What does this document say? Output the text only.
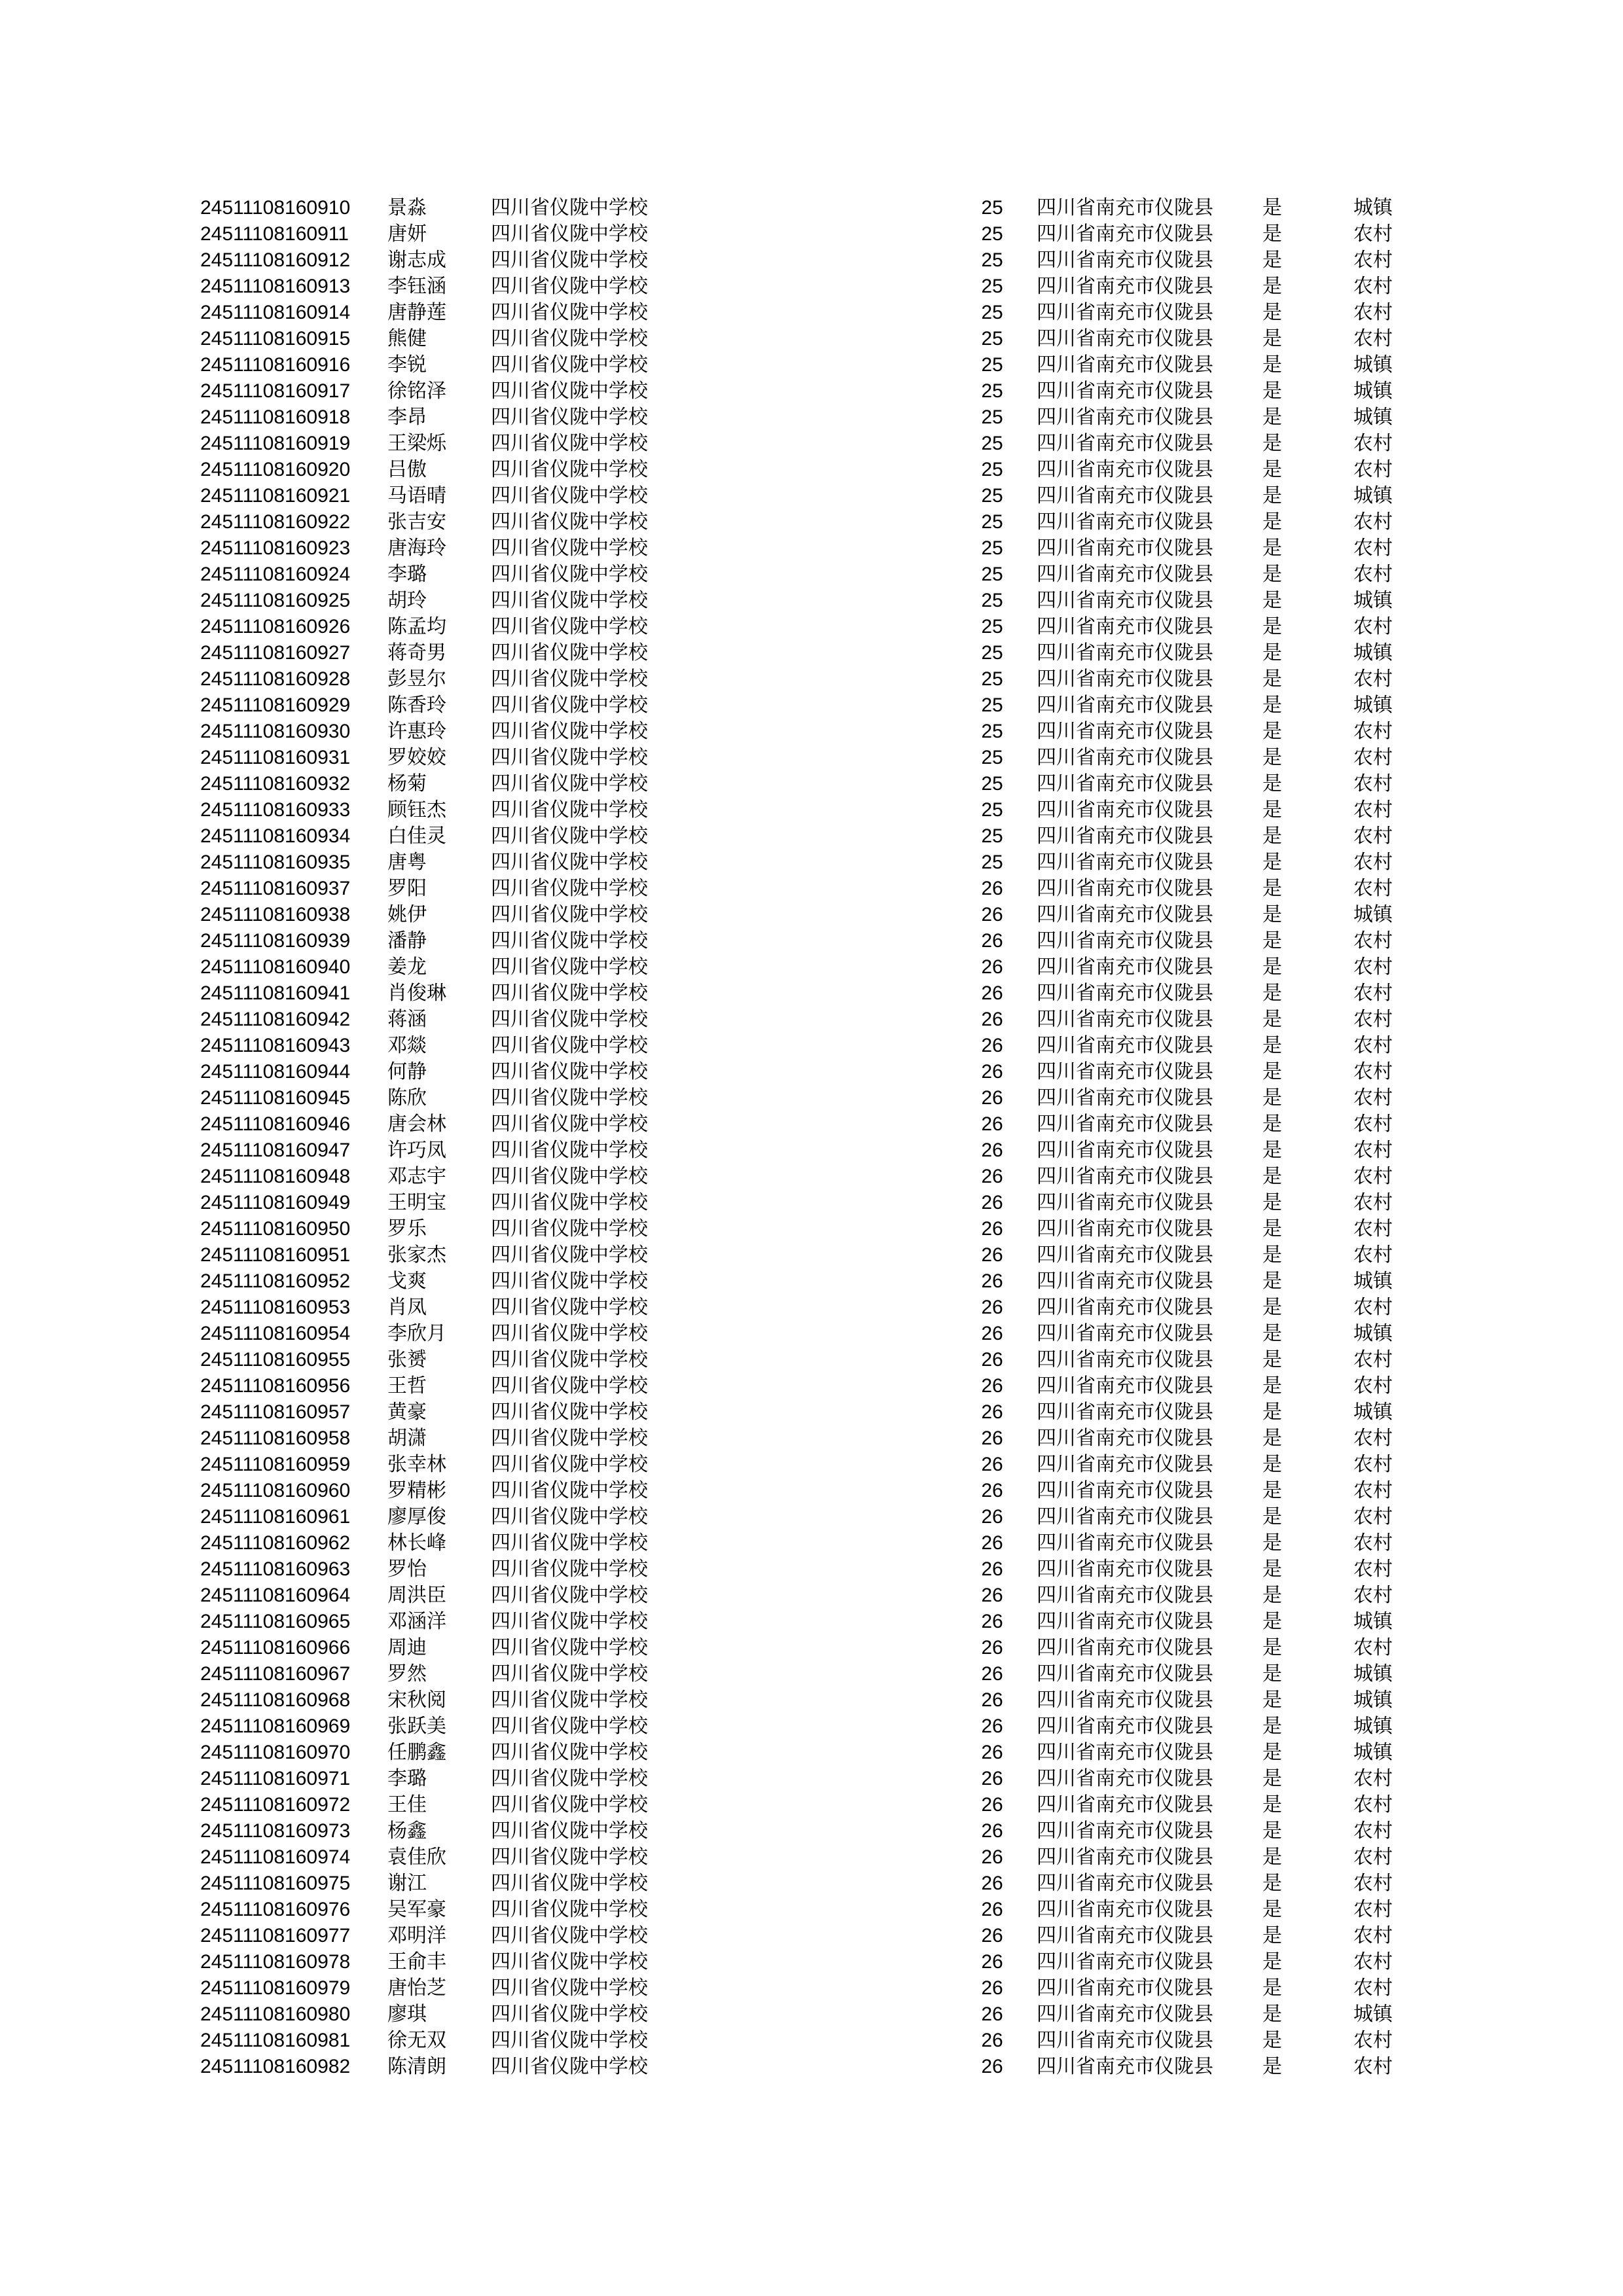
24511108160910 景淼	四川省仪陇中学校	25 四川省南充市仪陇县	是	城镇
24511108160911 唐妍	四川省仪陇中学校	25 四川省南充市仪陇县	是	农村
24511108160912 谢志成 四川省仪陇中学校	25 四川省南充市仪陇县	是	农村
24511108160913 李钰涵 四川省仪陇中学校	25 四川省南充市仪陇县	是	农村
24511108160914 唐静莲 四川省仪陇中学校	25 四川省南充市仪陇县	是	农村
24511108160915 熊健	四川省仪陇中学校	25 四川省南充市仪陇县	是	农村
24511108160916 李锐	四川省仪陇中学校	25 四川省南充市仪陇县	是	城镇
24511108160917 徐铭泽 四川省仪陇中学校	25 四川省南充市仪陇县	是	城镇
24511108160918 李昂	四川省仪陇中学校	25 四川省南充市仪陇县	是	城镇
24511108160919 王梁烁 四川省仪陇中学校	25 四川省南充市仪陇县	是	农村
24511108160920 吕傲	四川省仪陇中学校	25 四川省南充市仪陇县	是	农村
24511108160921 马语晴 四川省仪陇中学校	25 四川省南充市仪陇县	是	城镇
24511108160922 张吉安 四川省仪陇中学校	25 四川省南充市仪陇县	是	农村
24511108160923 唐海玲 四川省仪陇中学校	25 四川省南充市仪陇县	是	农村
24511108160924 李璐	四川省仪陇中学校	25 四川省南充市仪陇县	是	农村
24511108160925 胡玲	四川省仪陇中学校	25 四川省南充市仪陇县	是	城镇
24511108160926 陈孟均 四川省仪陇中学校	25 四川省南充市仪陇县	是	农村
24511108160927 蒋奇男 四川省仪陇中学校	25 四川省南充市仪陇县	是	城镇
24511108160928 彭昱尔 四川省仪陇中学校	25 四川省南充市仪陇县	是	农村
24511108160929 陈香玲 四川省仪陇中学校	25 四川省南充市仪陇县	是	城镇
24511108160930 许惠玲 四川省仪陇中学校	25 四川省南充市仪陇县	是	农村
24511108160931 罗姣姣 四川省仪陇中学校	25 四川省南充市仪陇县	是	农村
24511108160932 杨菊	四川省仪陇中学校	25 四川省南充市仪陇县	是	农村
24511108160933 顾钰杰 四川省仪陇中学校	25 四川省南充市仪陇县	是	农村
24511108160934 白佳灵 四川省仪陇中学校	25 四川省南充市仪陇县	是	农村
24511108160935 唐粤	四川省仪陇中学校	25 四川省南充市仪陇县	是	农村
24511108160937 罗阳	四川省仪陇中学校	26 四川省南充市仪陇县	是	农村
24511108160938 姚伊	四川省仪陇中学校	26 四川省南充市仪陇县	是	城镇
24511108160939 潘静	四川省仪陇中学校	26 四川省南充市仪陇县	是	农村
24511108160940 姜龙	四川省仪陇中学校	26 四川省南充市仪陇县	是	农村
24511108160941 肖俊琳 四川省仪陇中学校	26 四川省南充市仪陇县	是	农村
24511108160942 蒋涵	四川省仪陇中学校	26 四川省南充市仪陇县	是	农村
24511108160943 邓燚	四川省仪陇中学校	26 四川省南充市仪陇县	是	农村
24511108160944 何静	四川省仪陇中学校	26 四川省南充市仪陇县	是	农村
24511108160945 陈欣	四川省仪陇中学校	26 四川省南充市仪陇县	是	农村
24511108160946 唐会林 四川省仪陇中学校	26 四川省南充市仪陇县	是	农村
24511108160947 许巧凤 四川省仪陇中学校	26 四川省南充市仪陇县	是	农村
24511108160948 邓志宇 四川省仪陇中学校	26 四川省南充市仪陇县	是	农村
24511108160949 王明宝 四川省仪陇中学校	26 四川省南充市仪陇县	是	农村
24511108160950 罗乐	四川省仪陇中学校	26 四川省南充市仪陇县	是	农村
24511108160951 张家杰 四川省仪陇中学校	26 四川省南充市仪陇县	是	农村
24511108160952 戈爽	四川省仪陇中学校	26 四川省南充市仪陇县	是	城镇
24511108160953 肖凤	四川省仪陇中学校	26 四川省南充市仪陇县	是	农村
24511108160954 李欣月 四川省仪陇中学校	26 四川省南充市仪陇县	是	城镇
24511108160955 张赟	四川省仪陇中学校	26 四川省南充市仪陇县	是	农村
24511108160956 王哲	四川省仪陇中学校	26 四川省南充市仪陇县	是	农村
24511108160957 黄豪	四川省仪陇中学校	26 四川省南充市仪陇县	是	城镇
24511108160958 胡潇	四川省仪陇中学校	26 四川省南充市仪陇县	是	农村
24511108160959 张幸林 四川省仪陇中学校	26 四川省南充市仪陇县	是	农村
24511108160960 罗精彬 四川省仪陇中学校	26 四川省南充市仪陇县	是	农村
24511108160961 廖厚俊 四川省仪陇中学校	26 四川省南充市仪陇县	是	农村
24511108160962 林长峰 四川省仪陇中学校	26 四川省南充市仪陇县	是	农村
24511108160963 罗怡	四川省仪陇中学校	26 四川省南充市仪陇县	是	农村
24511108160964 周洪臣 四川省仪陇中学校	26 四川省南充市仪陇县	是	农村
24511108160965 邓涵洋 四川省仪陇中学校	26 四川省南充市仪陇县	是	城镇
24511108160966 周迪	四川省仪陇中学校	26 四川省南充市仪陇县	是	农村
24511108160967 罗然	四川省仪陇中学校	26 四川省南充市仪陇县	是	城镇
24511108160968 宋秋阅 四川省仪陇中学校	26 四川省南充市仪陇县	是	城镇
24511108160969 张跃美 四川省仪陇中学校	26 四川省南充市仪陇县	是	城镇
24511108160970 任鹏鑫 四川省仪陇中学校	26 四川省南充市仪陇县	是	城镇
24511108160971 李璐	四川省仪陇中学校	26 四川省南充市仪陇县	是	农村
24511108160972 王佳	四川省仪陇中学校	26 四川省南充市仪陇县	是	农村
24511108160973 杨鑫	四川省仪陇中学校	26 四川省南充市仪陇县	是	农村
24511108160974 袁佳欣 四川省仪陇中学校	26 四川省南充市仪陇县	是	农村
24511108160975 谢江	四川省仪陇中学校	26 四川省南充市仪陇县	是	农村
24511108160976 吴军豪 四川省仪陇中学校	26 四川省南充市仪陇县	是	农村
24511108160977 邓明洋 四川省仪陇中学校	26 四川省南充市仪陇县	是	农村
24511108160978 王俞丰 四川省仪陇中学校	26 四川省南充市仪陇县	是	农村
24511108160979 唐怡芝 四川省仪陇中学校	26 四川省南充市仪陇县	是	农村
24511108160980 廖琪	四川省仪陇中学校	26 四川省南充市仪陇县	是	城镇
24511108160981 徐无双 四川省仪陇中学校	26 四川省南充市仪陇县	是	农村
24511108160982 陈清朗 四川省仪陇中学校	26 四川省南充市仪陇县	是	农村
